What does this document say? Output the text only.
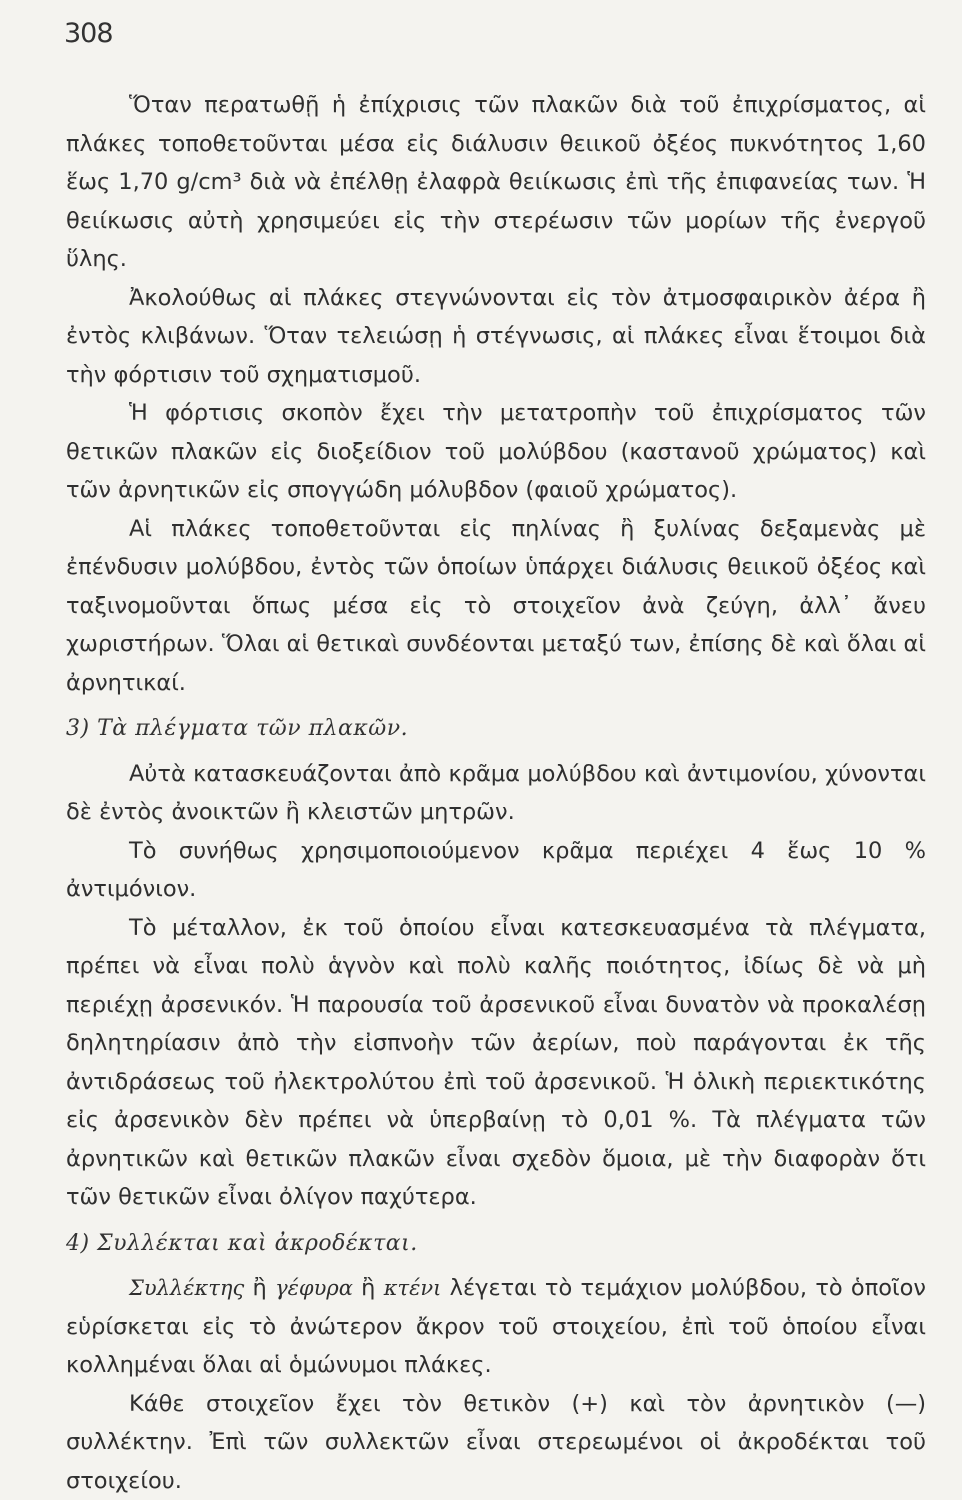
308

Ὅταν περατωθῇ ἡ ἐπίχρισις τῶν πλακῶν διὰ τοῦ ἐπιχρίσματος, αἱ πλάκες τοποθετοῦνται μέσα εἰς διάλυσιν θειικοῦ ὀξέος πυκνότητος 1,60 ἕως 1,70 g/cm³ διὰ νὰ ἐπέλθῃ ἐλαφρὰ θειίκωσις ἐπὶ τῆς ἐπιφανείας των. Ἡ θειίκωσις αὐτὴ χρησιμεύει εἰς τὴν στερέωσιν τῶν μορίων τῆς ἐνεργοῦ ὕλης.

Ἀκολούθως αἱ πλάκες στεγνώνονται εἰς τὸν ἀτμοσφαιρικὸν ἀέρα ἢ ἐντὸς κλιβάνων. Ὅταν τελειώσῃ ἡ στέγνωσις, αἱ πλάκες εἶναι ἕτοιμοι διὰ τὴν φόρτισιν τοῦ σχηματισμοῦ.

Ἡ φόρτισις σκοπὸν ἔχει τὴν μετατροπὴν τοῦ ἐπιχρίσματος τῶν θετικῶν πλακῶν εἰς διοξείδιον τοῦ μολύβδου (καστανοῦ χρώματος) καὶ τῶν ἀρνητικῶν εἰς σπογγώδη μόλυβδον (φαιοῦ χρώματος).

Αἱ πλάκες τοποθετοῦνται εἰς πηλίνας ἢ ξυλίνας δεξαμενὰς μὲ ἐπένδυσιν μολύβδου, ἐντὸς τῶν ὁποίων ὑπάρχει διάλυσις θειικοῦ ὀξέος καὶ ταξινομοῦνται ὅπως μέσα εἰς τὸ στοιχεῖον ἀνὰ ζεύγη, ἀλλ᾽ ἄνευ χωριστήρων. Ὅλαι αἱ θετικαὶ συνδέονται μεταξύ των, ἐπίσης δὲ καὶ ὅλαι αἱ ἀρνητικαί.

3) Τὰ πλέγματα τῶν πλακῶν.

Αὐτὰ κατασκευάζονται ἀπὸ κρᾶμα μολύβδου καὶ ἀντιμονίου, χύνονται δὲ ἐντὸς ἀνοικτῶν ἢ κλειστῶν μητρῶν.

Τὸ συνήθως χρησιμοποιούμενον κρᾶμα περιέχει 4 ἕως 10 % ἀντιμόνιον.

Τὸ μέταλλον, ἐκ τοῦ ὁποίου εἶναι κατεσκευασμένα τὰ πλέγματα, πρέπει νὰ εἶναι πολὺ ἁγνὸν καὶ πολὺ καλῆς ποιότητος, ἰδίως δὲ νὰ μὴ περιέχῃ ἀρσενικόν. Ἡ παρουσία τοῦ ἀρσενικοῦ εἶναι δυνατὸν νὰ προκαλέσῃ δηλητηρίασιν ἀπὸ τὴν εἰσπνοὴν τῶν ἀερίων, ποὺ παράγονται ἐκ τῆς ἀντιδράσεως τοῦ ἠλεκτρολύτου ἐπὶ τοῦ ἀρσενικοῦ. Ἡ ὁλικὴ περιεκτικότης εἰς ἀρσενικὸν δὲν πρέπει νὰ ὑπερβαίνῃ τὸ 0,01 %. Τὰ πλέγματα τῶν ἀρνητικῶν καὶ θετικῶν πλακῶν εἶναι σχεδὸν ὅμοια, μὲ τὴν διαφορὰν ὅτι τῶν θετικῶν εἶναι ὀλίγον παχύτερα.

4) Συλλέκται καὶ ἀκροδέκται.

Συλλέκτης ἢ γέφυρα ἢ κτένι λέγεται τὸ τεμάχιον μολύβδου, τὸ ὁποῖον εὑρίσκεται εἰς τὸ ἀνώτερον ἄκρον τοῦ στοιχείου, ἐπὶ τοῦ ὁποίου εἶναι κολλημέναι ὅλαι αἱ ὁμώνυμοι πλάκες.

Κάθε στοιχεῖον ἔχει τὸν θετικὸν (+) καὶ τὸν ἀρνητικὸν (—) συλλέκτην. Ἐπὶ τῶν συλλεκτῶν εἶναι στερεωμένοι οἱ ἀκροδέκται τοῦ στοιχείου.
